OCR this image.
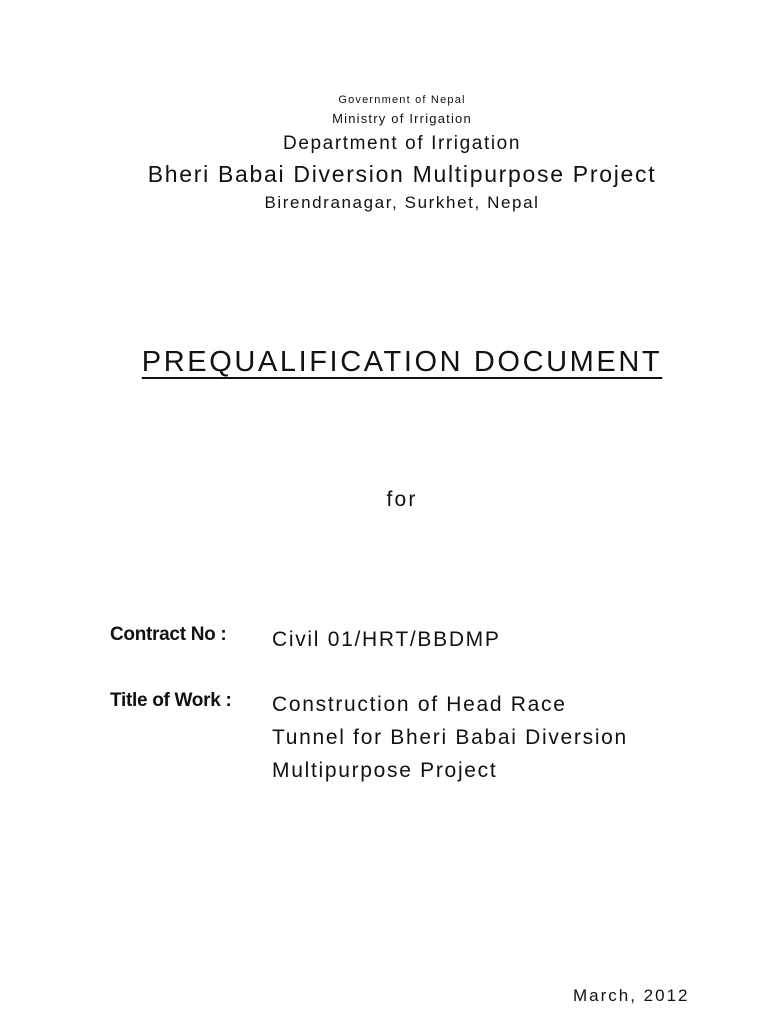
Government of Nepal
Ministry of Irrigation
Department of Irrigation
Bheri Babai Diversion Multipurpose Project
Birendranagar, Surkhet, Nepal
PREQUALIFICATION DOCUMENT
for
Contract No : Civil 01/HRT/BBDMP
Title of Work : Construction of Head Race
Tunnel for Bheri Babai Diversion
Multipurpose Project
March, 2012
